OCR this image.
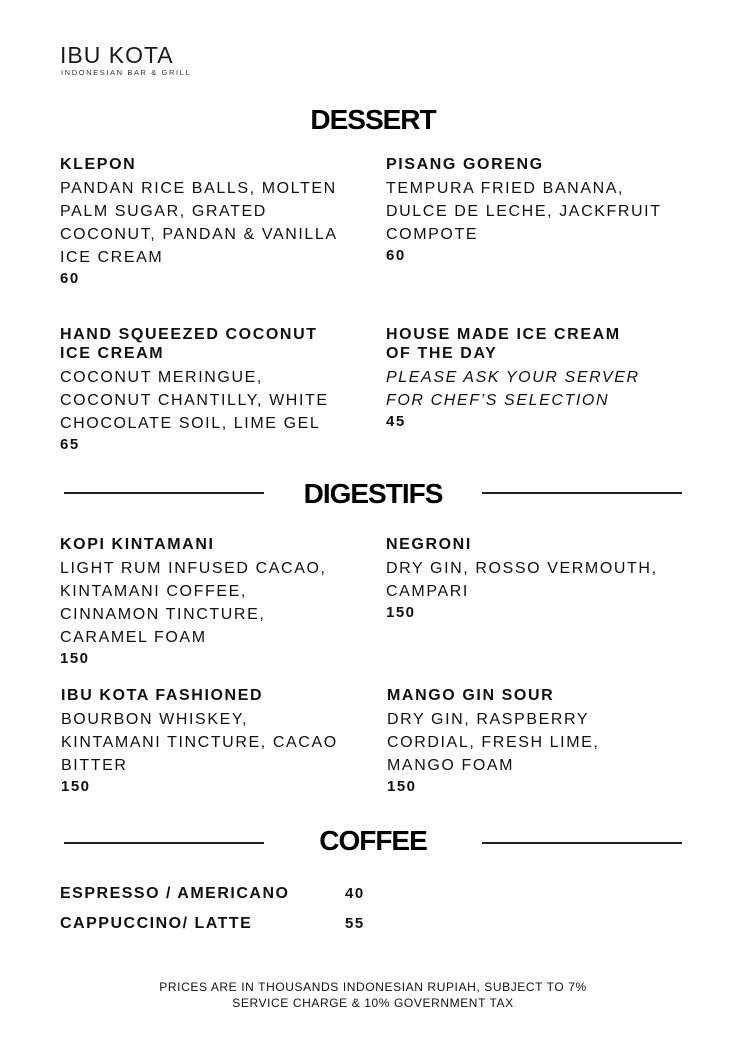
IBU KOTA
INDONESIAN BAR & GRILL
DESSERT
KLEPON
PANDAN RICE BALLS, MOLTEN
PALM SUGAR, GRATED
COCONUT, PANDAN & VANILLA
ICE CREAM
60
PISANG GORENG
TEMPURA FRIED BANANA,
DULCE DE LECHE, JACKFRUIT
COMPOTE
60
HAND SQUEEZED COCONUT
ICE CREAM
COCONUT MERINGUE,
COCONUT CHANTILLY, WHITE
CHOCOLATE SOIL, LIME GEL
65
HOUSE MADE ICE CREAM
OF THE DAY
PLEASE ASK YOUR SERVER
FOR CHEF’S SELECTION
45
DIGESTIFS
KOPI KINTAMANI
LIGHT RUM INFUSED CACAO,
KINTAMANI COFFEE,
CINNAMON TINCTURE,
CARAMEL FOAM
150
NEGRONI
DRY GIN, ROSSO VERMOUTH,
CAMPARI
150
IBU KOTA FASHIONED
BOURBON WHISKEY,
KINTAMANI TINCTURE, CACAO
BITTER
150
MANGO GIN SOUR
DRY GIN, RASPBERRY
CORDIAL, FRESH LIME,
MANGO FOAM
150
COFFEE
ESPRESSO / AMERICANO	40
CAPPUCCINO/ LATTE	55
PRICES ARE IN THOUSANDS INDONESIAN RUPIAH, SUBJECT TO 7%
SERVICE CHARGE & 10% GOVERNMENT TAX
